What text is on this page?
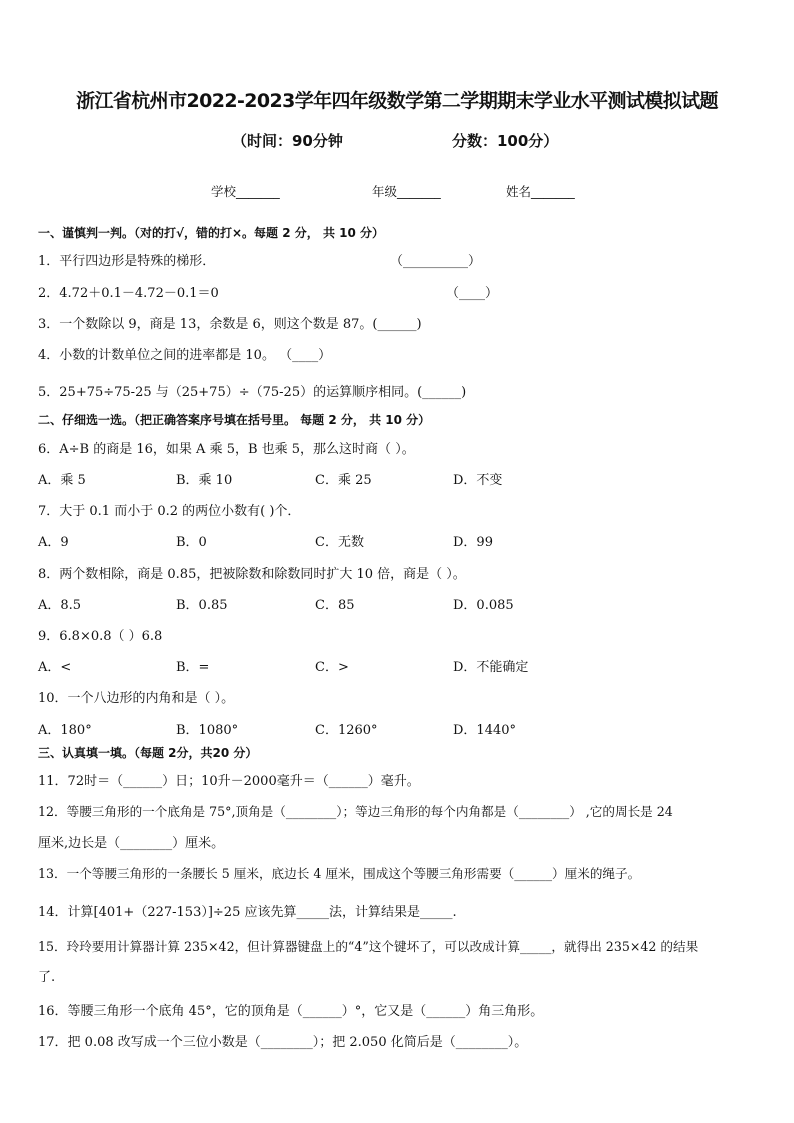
浙江省杭州市2022-2023学年四年级数学第二学期期末学业水平测试模拟试题
（时间：90分钟	分数：100分）
学校_______	年级_______	姓名_______
一、谨慎判一判。（对的打√，错的打×。每题 2 分， 共 10 分）
1．平行四边形是特殊的梯形．	（__________）
2．4.72＋0.1－4.72－0.1＝0	（____）
3．一个数除以 9，商是 13，余数是 6，则这个数是 87。(______)
4．小数的计数单位之间的进率都是 10。 （____）
5．25+75÷75-25 与（25+75）÷（75-25）的运算顺序相同。(______)
二、仔细选一选。（把正确答案序号填在括号里。 每题 2 分， 共 10 分）
6．A÷B 的商是 16，如果 A 乘 5，B 也乘 5，那么这时商（ ）。
A．乘 5	B．乘 10	C．乘 25	D．不变
7．大于 0.1 而小于 0.2 的两位小数有( )个．
A．9	B．0	C．无数	D．99
8．两个数相除，商是 0.85，把被除数和除数同时扩大 10 倍，商是（ ）。
A．8.5	B．0.85	C．85	D．0.085
9．6.8×0.8（ ）6.8
A．<	B．=	C．>	D．不能确定
10．一个八边形的内角和是（ ）。
A．180°	B．1080°	C．1260°	D．1440°
三、认真填一填。（每题 2分，共20 分）
11．72时＝（______）日；10升－2000毫升＝（______）毫升。
12．等腰三角形的一个底角是 75°,顶角是（________）；等边三角形的每个内角都是（________） ,它的周长是 24
厘米,边长是（________）厘米。
13．一个等腰三角形的一条腰长 5 厘米，底边长 4 厘米，围成这个等腰三角形需要（______）厘米的绳子。
14．计算[401+（227-153）]÷25 应该先算_____法，计算结果是_____.
15．玲玲要用计算器计算 235×42，但计算器键盘上的“4”这个键坏了，可以改成计算_____，就得出 235×42 的结果
了.
16．等腰三角形一个底角 45°，它的顶角是（______）°，它又是（______）角三角形。
17．把 0.08 改写成一个三位小数是（________）；把 2.050 化简后是（________）。
